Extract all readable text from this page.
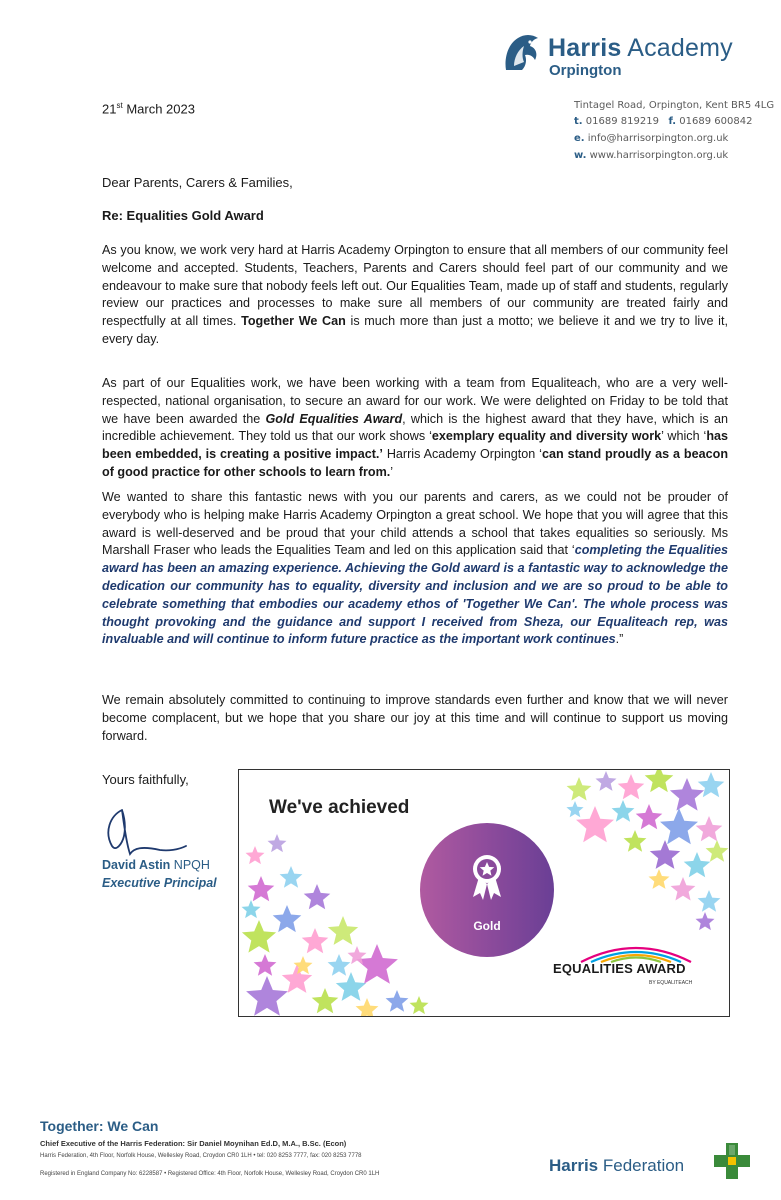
Harris Academy
Orpington
Tintagel Road, Orpington, Kent BR5 4LG
t. 01689 819219 f. 01689 600842
e. info@harrisorpington.org.uk
w. www.harrisorpington.org.uk
21st March 2023
Dear Parents, Carers & Families,
Re: Equalities Gold Award
As you know, we work very hard at Harris Academy Orpington to ensure that all members of our community feel welcome and accepted. Students, Teachers, Parents and Carers should feel part of our community and we endeavour to make sure that nobody feels left out. Our Equalities Team, made up of staff and students, regularly review our practices and processes to make sure all members of our community are treated fairly and respectfully at all times. Together We Can is much more than just a motto; we believe it and we try to live it, every day.
As part of our Equalities work, we have been working with a team from Equaliteach, who are a very well-respected, national organisation, to secure an award for our work. We were delighted on Friday to be told that we have been awarded the Gold Equalities Award, which is the highest award that they have, which is an incredible achievement. They told us that our work shows ‘exemplary equality and diversity work’ which ‘has been embedded, is creating a positive impact.’ Harris Academy Orpington ‘can stand proudly as a beacon of good practice for other schools to learn from.’
We wanted to share this fantastic news with you our parents and carers, as we could not be prouder of everybody who is helping make Harris Academy Orpington a great school. We hope that you will agree that this award is well-deserved and be proud that your child attends a school that takes equalities so seriously. Ms Marshall Fraser who leads the Equalities Team and led on this application said that ‘completing the Equalities award has been an amazing experience. Achieving the Gold award is a fantastic way to acknowledge the dedication our community has to equality, diversity and inclusion and we are so proud to be able to celebrate something that embodies our academy ethos of 'Together We Can'. The whole process was thought provoking and the guidance and support I received from Sheza, our Equaliteach rep, was invaluable and will continue to inform future practice as the important work continues.”
We remain absolutely committed to continuing to improve standards even further and know that we will never become complacent, but we hope that you share our joy at this time and will continue to support us moving forward.
Yours faithfully,
David Astin NPQH
Executive Principal
We've achieved
Gold
EQUALITIES AWARD
BY EQUALITEACH
Together: We Can
Chief Executive of the Harris Federation: Sir Daniel Moynihan Ed.D, M.A., B.Sc. (Econ)
Harris Federation, 4th Floor, Norfolk House, Wellesley Road, Croydon CR0 1LH • tel: 020 8253 7777, fax: 020 8253 7778
Registered in England Company No: 6228587 • Registered Office: 4th Floor, Norfolk House, Wellesley Road, Croydon CR0 1LH	Harris Federation
